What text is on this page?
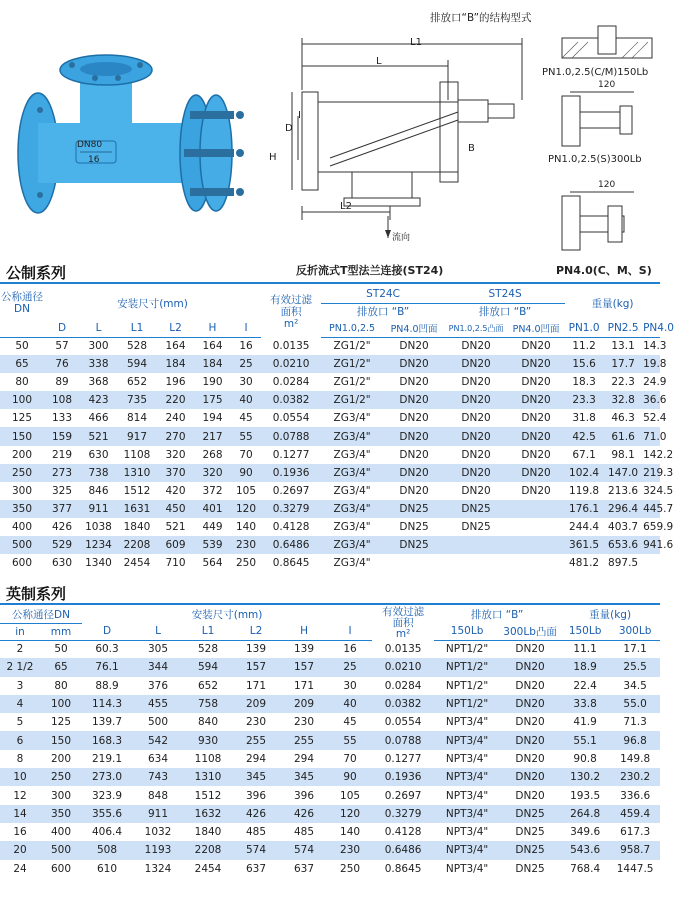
DN80
16
L1
L
D
H
I
B
L2
流向
反折流式T型法兰连接(ST24)
排放口“B”的结构型式
PN1.0,2.5(C/M)150Lb
120
PN1.0,2.5(S)300Lb
120
PN4.0(C、M、S)
公制系列
公称通径 DN	安装尺寸(mm)						有效过滤面积
m²	ST24C		ST24S		重量(kg)		
								排放口 “B”		排放口 “B”				
	D	L	L1	L2	H	I		PN1.0,2.5	PN4.0凹面	PN1.0,2.5凸面	PN4.0凹面	PN1.0	PN2.5	PN4.0
50	57	300	528	164	164	16	0.0135	ZG1/2"	DN20	DN20	DN20	11.2	13.1	14.3
65	76	338	594	184	184	25	0.0210	ZG1/2"	DN20	DN20	DN20	15.6	17.7	19.8
80	89	368	652	196	190	30	0.0284	ZG1/2"	DN20	DN20	DN20	18.3	22.3	24.9
100	108	423	735	220	175	40	0.0382	ZG1/2"	DN20	DN20	DN20	23.3	32.8	36.6
125	133	466	814	240	194	45	0.0554	ZG3/4"	DN20	DN20	DN20	31.8	46.3	52.4
150	159	521	917	270	217	55	0.0788	ZG3/4"	DN20	DN20	DN20	42.5	61.6	71.0
200	219	630	1108	320	268	70	0.1277	ZG3/4"	DN20	DN20	DN20	67.1	98.1	142.2
250	273	738	1310	370	320	90	0.1936	ZG3/4"	DN20	DN20	DN20	102.4	147.0	219.3
300	325	846	1512	420	372	105	0.2697	ZG3/4"	DN20	DN20	DN20	119.8	213.6	324.5
350	377	911	1631	450	401	120	0.3279	ZG3/4"	DN25	DN25		176.1	296.4	445.7
400	426	1038	1840	521	449	140	0.4128	ZG3/4"	DN25	DN25		244.4	403.7	659.9
500	529	1234	2208	609	539	230	0.6486	ZG3/4"	DN25			361.5	653.6	941.6
600	630	1340	2454	710	564	250	0.8645	ZG3/4"				481.2	897.5	
英制系列
公称通径DN		安装尺寸(mm)						有效过滤面积
m²	排放口 “B”		重量(kg)	
in	mm	D	L	L1	L2	H	I		150Lb	300Lb凸面	150Lb	300Lb
2	50	60.3	305	528	139	139	16	0.0135	NPT1/2"	DN20	11.1	17.1
2 1/2	65	76.1	344	594	157	157	25	0.0210	NPT1/2"	DN20	18.9	25.5
3	80	88.9	376	652	171	171	30	0.0284	NPT1/2"	DN20	22.4	34.5
4	100	114.3	455	758	209	209	40	0.0382	NPT1/2"	DN20	33.8	55.0
5	125	139.7	500	840	230	230	45	0.0554	NPT3/4"	DN20	41.9	71.3
6	150	168.3	542	930	255	255	55	0.0788	NPT3/4"	DN20	55.1	96.8
8	200	219.1	634	1108	294	294	70	0.1277	NPT3/4"	DN20	90.8	149.8
10	250	273.0	743	1310	345	345	90	0.1936	NPT3/4"	DN20	130.2	230.2
12	300	323.9	848	1512	396	396	105	0.2697	NPT3/4"	DN20	193.5	336.6
14	350	355.6	911	1632	426	426	120	0.3279	NPT3/4"	DN25	264.8	459.4
16	400	406.4	1032	1840	485	485	140	0.4128	NPT3/4"	DN25	349.6	617.3
20	500	508	1193	2208	574	574	230	0.6486	NPT3/4"	DN25	543.6	958.7
24	600	610	1324	2454	637	637	250	0.8645	NPT3/4"	DN25	768.4	1447.5
